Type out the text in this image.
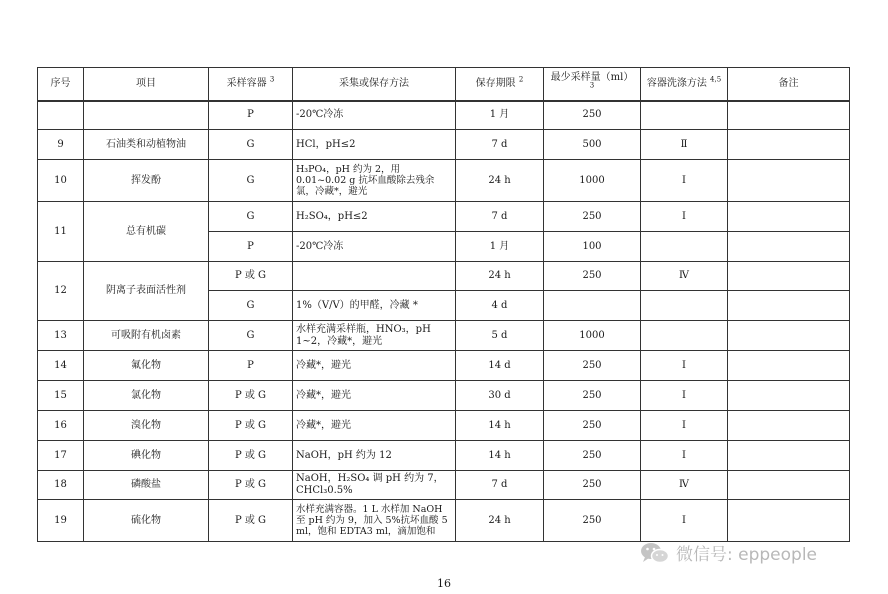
序号	项目	采样容器 $^3$	采集或保存方法	保存期限 $^2$	最少采样量（ml） $^3$	容器洗涤方法 $^{4,5}$	备注
		P	-20℃冷冻	1 月	250		
9	石油类和动植物油	G	HCl，pH≤2	7 d	500	Ⅱ	
10	挥发酚	G	H₃PO₄，pH 约为 2，用 0.01~0.02 g 抗坏血酸除去残余氯，冷藏*，避光	24 h	1000	Ⅰ	
11	总有机碳	G	H₂SO₄，pH≤2	7 d	250	Ⅰ	
		P	-20℃冷冻	1 月	100		
12	阴离子表面活性剂	P 或 G		24 h	250	Ⅳ	
		G	1%（V/V）的甲醛，冷藏 *	4 d			
13	可吸附有机卤素	G	水样充满采样瓶，HNO₃，pH 1~2，冷藏*，避光	5 d	1000		
14	氟化物	P	冷藏*，避光	14 d	250	Ⅰ	
15	氯化物	P 或 G	冷藏*，避光	30 d	250	Ⅰ	
16	溴化物	P 或 G	冷藏*，避光	14 h	250	Ⅰ	
17	碘化物	P 或 G	NaOH，pH 约为 12	14 h	250	Ⅰ	
18	磷酸盐	P 或 G	NaOH，H₂SO₄ 调 pH 约为 7，CHCl₃0.5%	7 d	250	Ⅳ	
19	硫化物	P 或 G	水样充满容器。1 L 水样加 NaOH 至 pH 约为 9，加入 5%抗坏血酸 5 ml，饱和 EDTA3 ml，滴加饱和	24 h	250	Ⅰ	
微信号: eppeople
16
